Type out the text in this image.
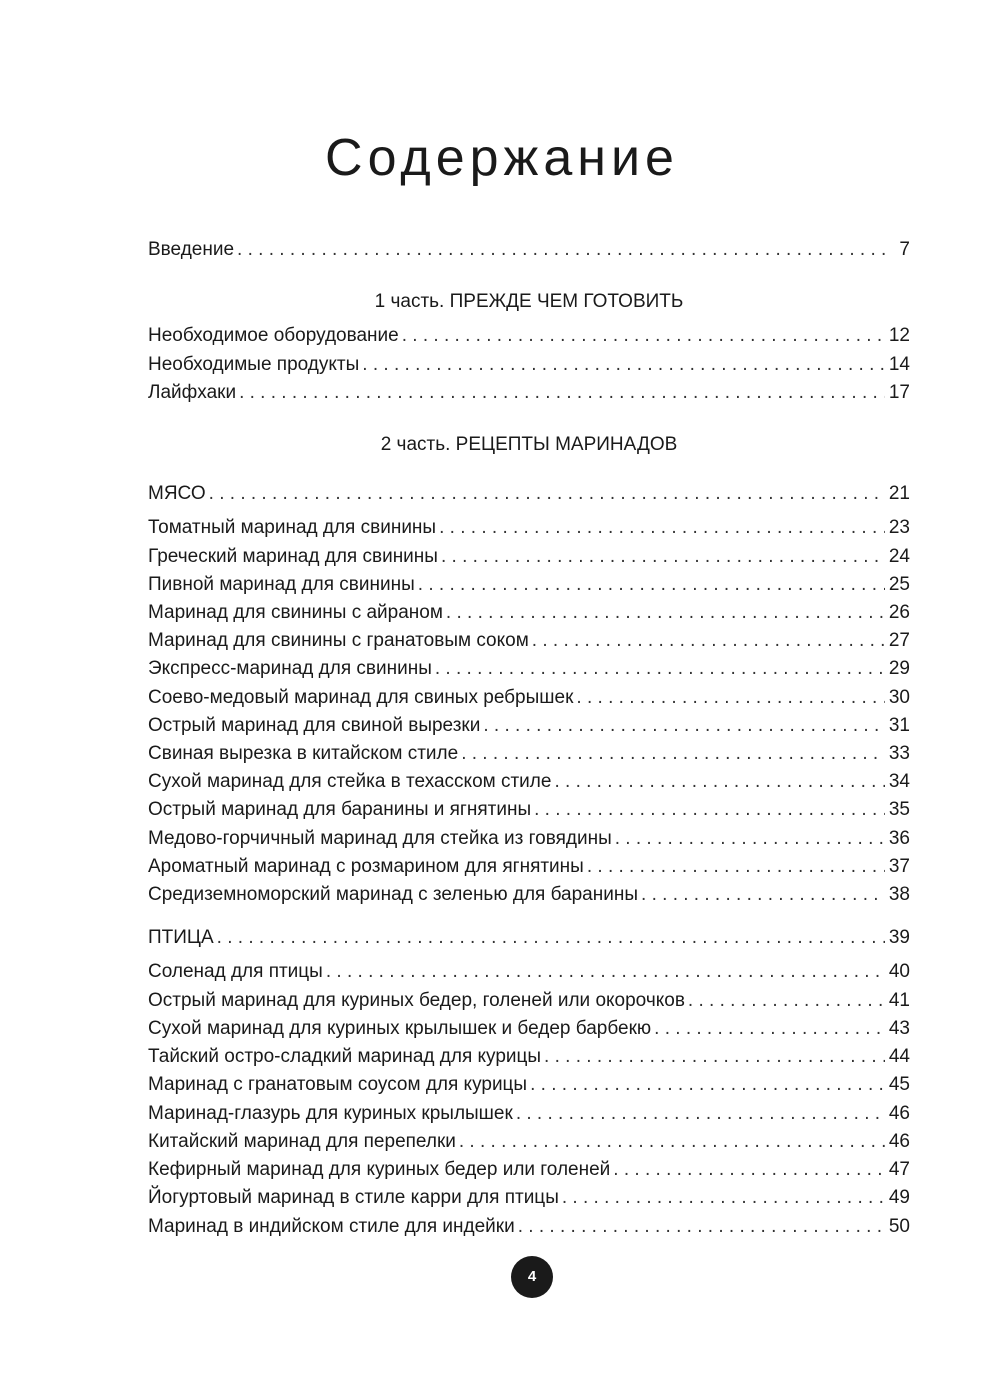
Содержание
Введение . . .	7
1 часть. ПРЕЖДЕ ЧЕМ ГОТОВИТЬ
Необходимое оборудование . . .	12
Необходимые продукты . . .	14
Лайфхаки . . .	17
2 часть. РЕЦЕПТЫ МАРИНАДОВ
МЯСО . . .	21
Томатный маринад для свинины . . .	23
Греческий маринад для свинины . . .	24
Пивной маринад для свинины . . .	25
Маринад для свинины с айраном . . .	26
Маринад для свинины с гранатовым соком . . .	27
Экспресс-маринад для свинины . . .	29
Соево-медовый маринад для свиных ребрышек . . .	30
Острый маринад для свиной вырезки . . .	31
Свиная вырезка в китайском стиле . . .	33
Сухой маринад для стейка в техасском стиле . . .	34
Острый маринад для баранины и ягнятины . . .	35
Медово-горчичный маринад для стейка из говядины . . .	36
Ароматный маринад с розмарином для ягнятины . . .	37
Средиземноморский маринад с зеленью для баранины . . .	38
ПТИЦА . . .	39
Соленад для птицы . . .	40
Острый маринад для куриных бедер, голеней или окорочков . . .	41
Сухой маринад для куриных крылышек и бедер барбекю . . .	43
Тайский остро-сладкий маринад для курицы . . .	44
Маринад с гранатовым соусом для курицы . . .	45
Маринад-глазурь для куриных крылышек . . .	46
Китайский маринад для перепелки . . .	46
Кефирный маринад для куриных бедер или голеней . . .	47
Йогуртовый маринад в стиле карри для птицы . . .	49
Маринад в индийском стиле для индейки . . .	50
4
